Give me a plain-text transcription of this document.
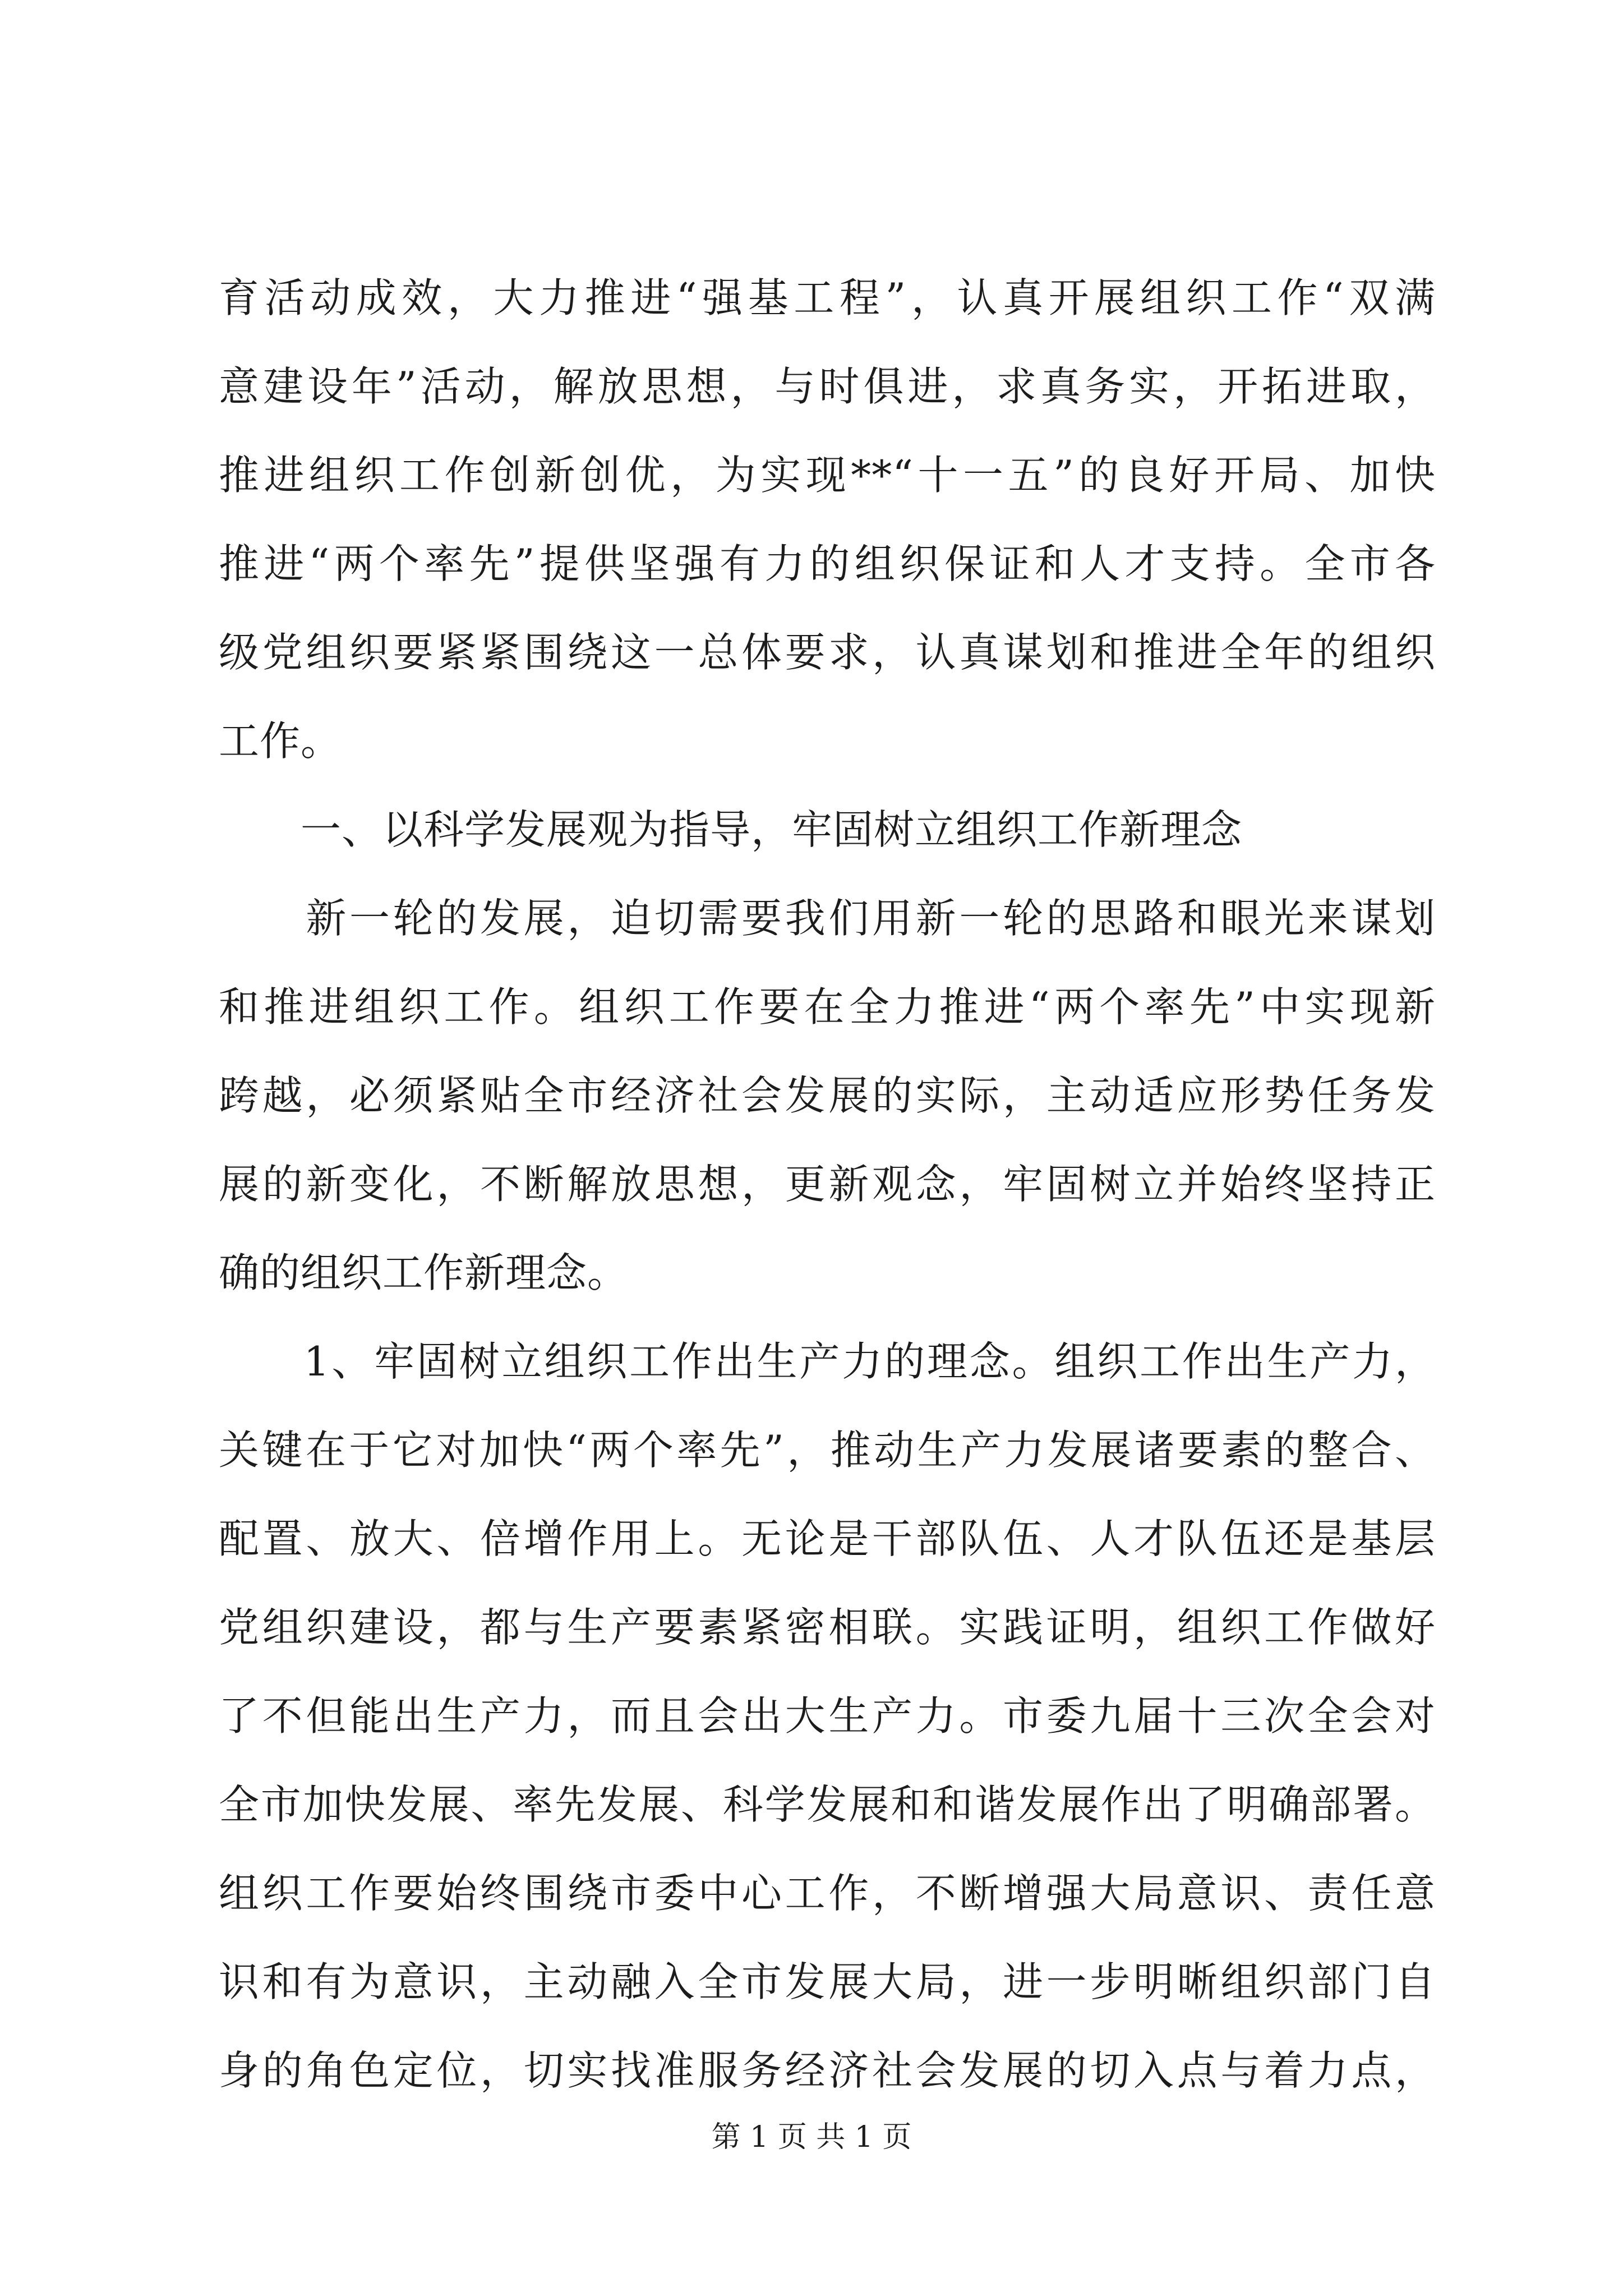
育活动成效，大力推进“强基工程”，认真开展组织工作“双满
意建设年”活动，解放思想，与时俱进，求真务实，开拓进取，
推进组织工作创新创优，为实现**“十一五”的良好开局、加快
推进“两个率先”提供坚强有力的组织保证和人才支持。全市各
级党组织要紧紧围绕这一总体要求，认真谋划和推进全年的组织
工作。
　　一、以科学发展观为指导，牢固树立组织工作新理念
　　新一轮的发展，迫切需要我们用新一轮的思路和眼光来谋划
和推进组织工作。组织工作要在全力推进“两个率先”中实现新
跨越，必须紧贴全市经济社会发展的实际，主动适应形势任务发
展的新变化，不断解放思想，更新观念，牢固树立并始终坚持正
确的组织工作新理念。
　　1、牢固树立组织工作出生产力的理念。组织工作出生产力，
关键在于它对加快“两个率先”，推动生产力发展诸要素的整合、
配置、放大、倍增作用上。无论是干部队伍、人才队伍还是基层
党组织建设，都与生产要素紧密相联。实践证明，组织工作做好
了不但能出生产力，而且会出大生产力。市委九届十三次全会对
全市加快发展、率先发展、科学发展和和谐发展作出了明确部署。
组织工作要始终围绕市委中心工作，不断增强大局意识、责任意
识和有为意识，主动融入全市发展大局，进一步明晰组织部门自
身的角色定位，切实找准服务经济社会发展的切入点与着力点，
第 1 页 共 1 页
